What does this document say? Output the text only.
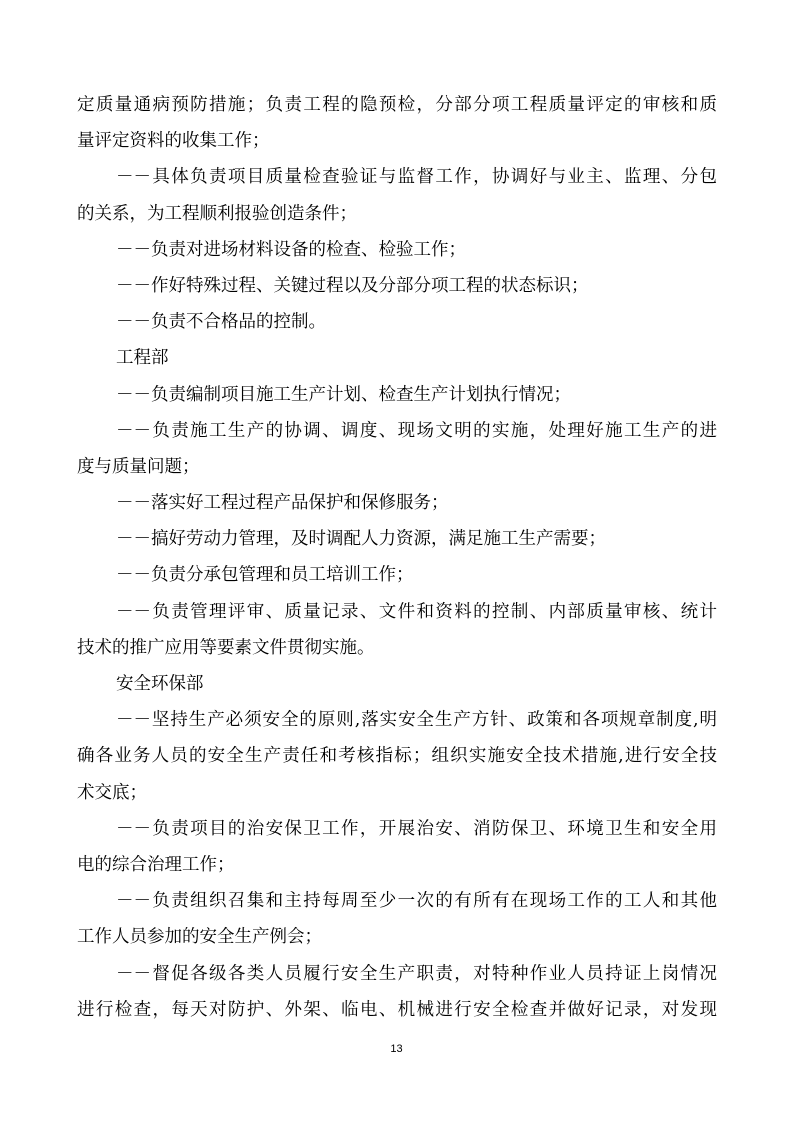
定质量通病预防措施；负责工程的隐预检，分部分项工程质量评定的审核和质
量评定资料的收集工作；
－－具体负责项目质量检查验证与监督工作，协调好与业主、监理、分包
的关系，为工程顺利报验创造条件；
－－负责对进场材料设备的检查、检验工作；
－－作好特殊过程、关键过程以及分部分项工程的状态标识；
－－负责不合格品的控制。
工程部
－－负责编制项目施工生产计划、检查生产计划执行情况；
－－负责施工生产的协调、调度、现场文明的实施，处理好施工生产的进
度与质量问题；
－－落实好工程过程产品保护和保修服务；
－－搞好劳动力管理，及时调配人力资源，满足施工生产需要；
－－负责分承包管理和员工培训工作；
－－负责管理评审、质量记录、文件和资料的控制、内部质量审核、统计
技术的推广应用等要素文件贯彻实施。
安全环保部
－－坚持生产必须安全的原则,落实安全生产方针、政策和各项规章制度,明
确各业务人员的安全生产责任和考核指标；组织实施安全技术措施,进行安全技
术交底；
－－负责项目的治安保卫工作，开展治安、消防保卫、环境卫生和安全用
电的综合治理工作；
－－负责组织召集和主持每周至少一次的有所有在现场工作的工人和其他
工作人员参加的安全生产例会；
－－督促各级各类人员履行安全生产职责，对特种作业人员持证上岗情况
进行检查，每天对防护、外架、临电、机械进行安全检查并做好记录，对发现
13
